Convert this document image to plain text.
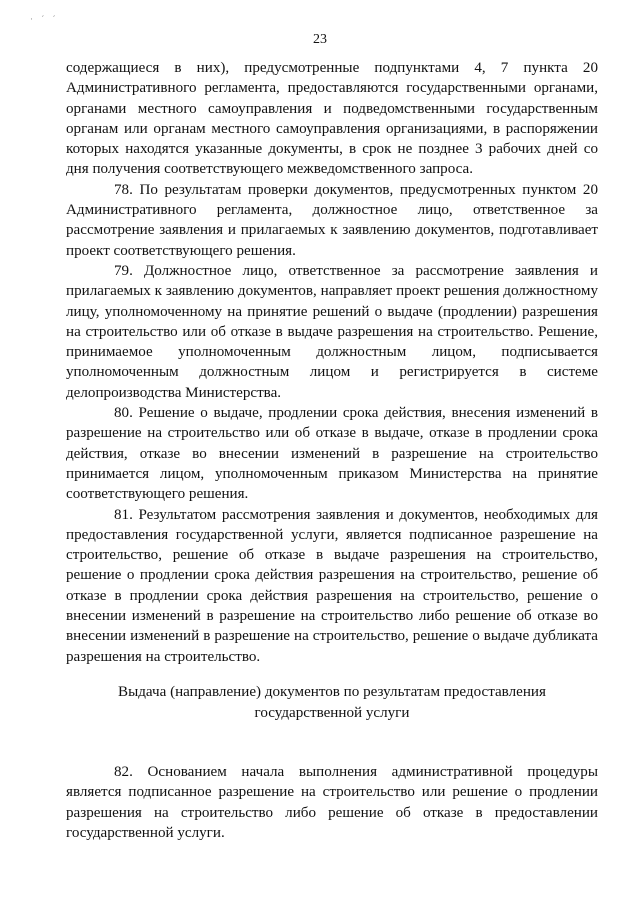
· ˊ ˊ
23

содержащиеся в них), предусмотренные подпунктами 4, 7 пункта 20 Административного регламента, предоставляются государственными органами, органами местного самоуправления и подведомственными государственным органам или органам местного самоуправления организациями, в распоряжении которых находятся указанные документы, в срок не позднее 3 рабочих дней со дня получения соответствующего межведомственного запроса.

78. По результатам проверки документов, предусмотренных пунктом 20 Административного регламента, должностное лицо, ответственное за рассмотрение заявления и прилагаемых к заявлению документов, подготавливает проект соответствующего решения.

79. Должностное лицо, ответственное за рассмотрение заявления и прилагаемых к заявлению документов, направляет проект решения должностному лицу, уполномоченному на принятие решений о выдаче (продлении) разрешения на строительство или об отказе в выдаче разрешения на строительство. Решение, принимаемое уполномоченным должностным лицом, подписывается уполномоченным должностным лицом и регистрируется в системе делопроизводства Министерства.

80. Решение о выдаче, продлении срока действия, внесения изменений в разрешение на строительство или об отказе в выдаче, отказе в продлении срока действия, отказе во внесении изменений в разрешение на строительство принимается лицом, уполномоченным приказом Министерства на принятие соответствующего решения.

81. Результатом рассмотрения заявления и документов, необходимых для предоставления государственной услуги, является подписанное разрешение на строительство, решение об отказе в выдаче разрешения на строительство, решение о продлении срока действия разрешения на строительство, решение об отказе в продлении срока действия разрешения на строительство, решение о внесении изменений в разрешение на строительство либо решение об отказе во внесении изменений в разрешение на строительство, решение о выдаче дубликата разрешения на строительство.

Выдача (направление) документов по результатам предоставления
государственной услуги

82. Основанием начала выполнения административной процедуры является подписанное разрешение на строительство или решение о продлении разрешения на строительство либо решение об отказе в предоставлении государственной услуги.
